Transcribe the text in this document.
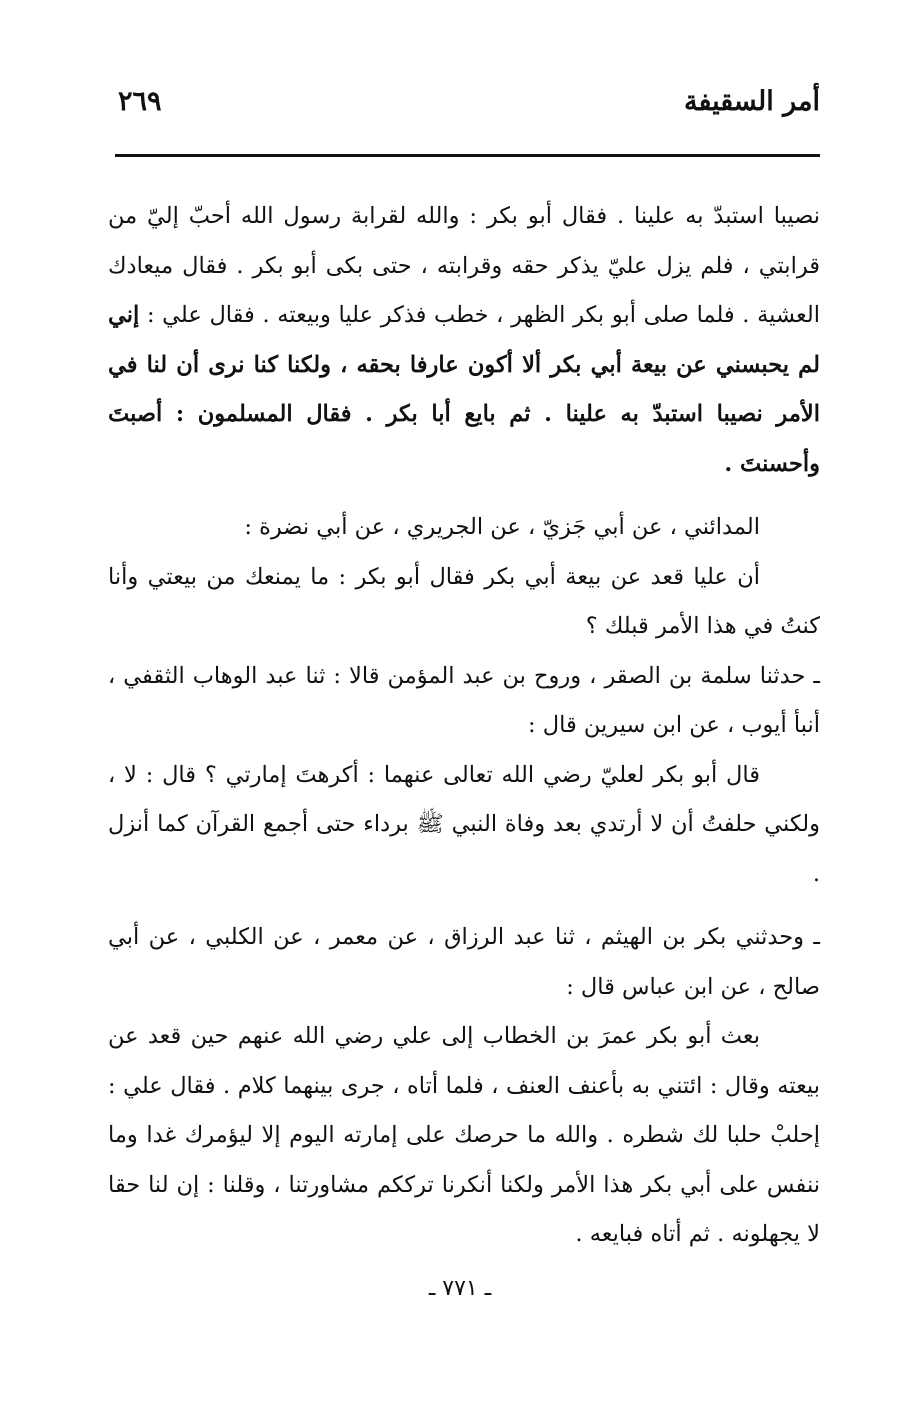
أمر السقيفة
٢٦٩

نصيبا استبدّ به علينا . فقال أبو بكر : والله لقرابة رسول الله أحبّ إليّ من قرابتي ، فلم يزل عليّ يذكر حقه وقرابته ، حتى بكى أبو بكر . فقال ميعادك العشية . فلما صلى أبو بكر الظهر ، خطب فذكر عليا وبيعته . فقال علي : إني لم يحبسني عن بيعة أبي بكر ألا أكون عارفا بحقه ، ولكنا كنا نرى أن لنا في الأمر نصيبا استبدّ به علينا . ثم بايع أبا بكر . فقال المسلمون : أصبتَ وأحسنتَ .

المدائني ، عن أبي جَزيّ ، عن الجريري ، عن أبي نضرة :

أن عليا قعد عن بيعة أبي بكر فقال أبو بكر : ما يمنعك من بيعتي وأنا كنتُ في هذا الأمر قبلك ؟

ـ حدثنا سلمة بن الصقر ، وروح بن عبد المؤمن قالا : ثنا عبد الوهاب الثقفي ، أنبأ أيوب ، عن ابن سيرين قال :

قال أبو بكر لعليّ رضي الله تعالى عنهما : أكرهتَ إمارتي ؟ قال : لا ، ولكني حلفتُ أن لا أرتدي بعد وفاة النبي ﷺ برداء حتى أجمع القرآن كما أنزل .

ـ وحدثني بكر بن الهيثم ، ثنا عبد الرزاق ، عن معمر ، عن الكلبي ، عن أبي صالح ، عن ابن عباس قال :

بعث أبو بكر عمرَ بن الخطاب إلى علي رضي الله عنهم حين قعد عن بيعته وقال : ائتني به بأعنف العنف ، فلما أتاه ، جرى بينهما كلام . فقال علي : إحلبْ حلبا لك شطره . والله ما حرصك على إمارته اليوم إلا ليؤمرك غدا وما ننفس على أبي بكر هذا الأمر ولكنا أنكرنا ترككم مشاورتنا ، وقلنا : إن لنا حقا لا يجهلونه . ثم أتاه فبايعه .

ـ ٧٧١ ـ
